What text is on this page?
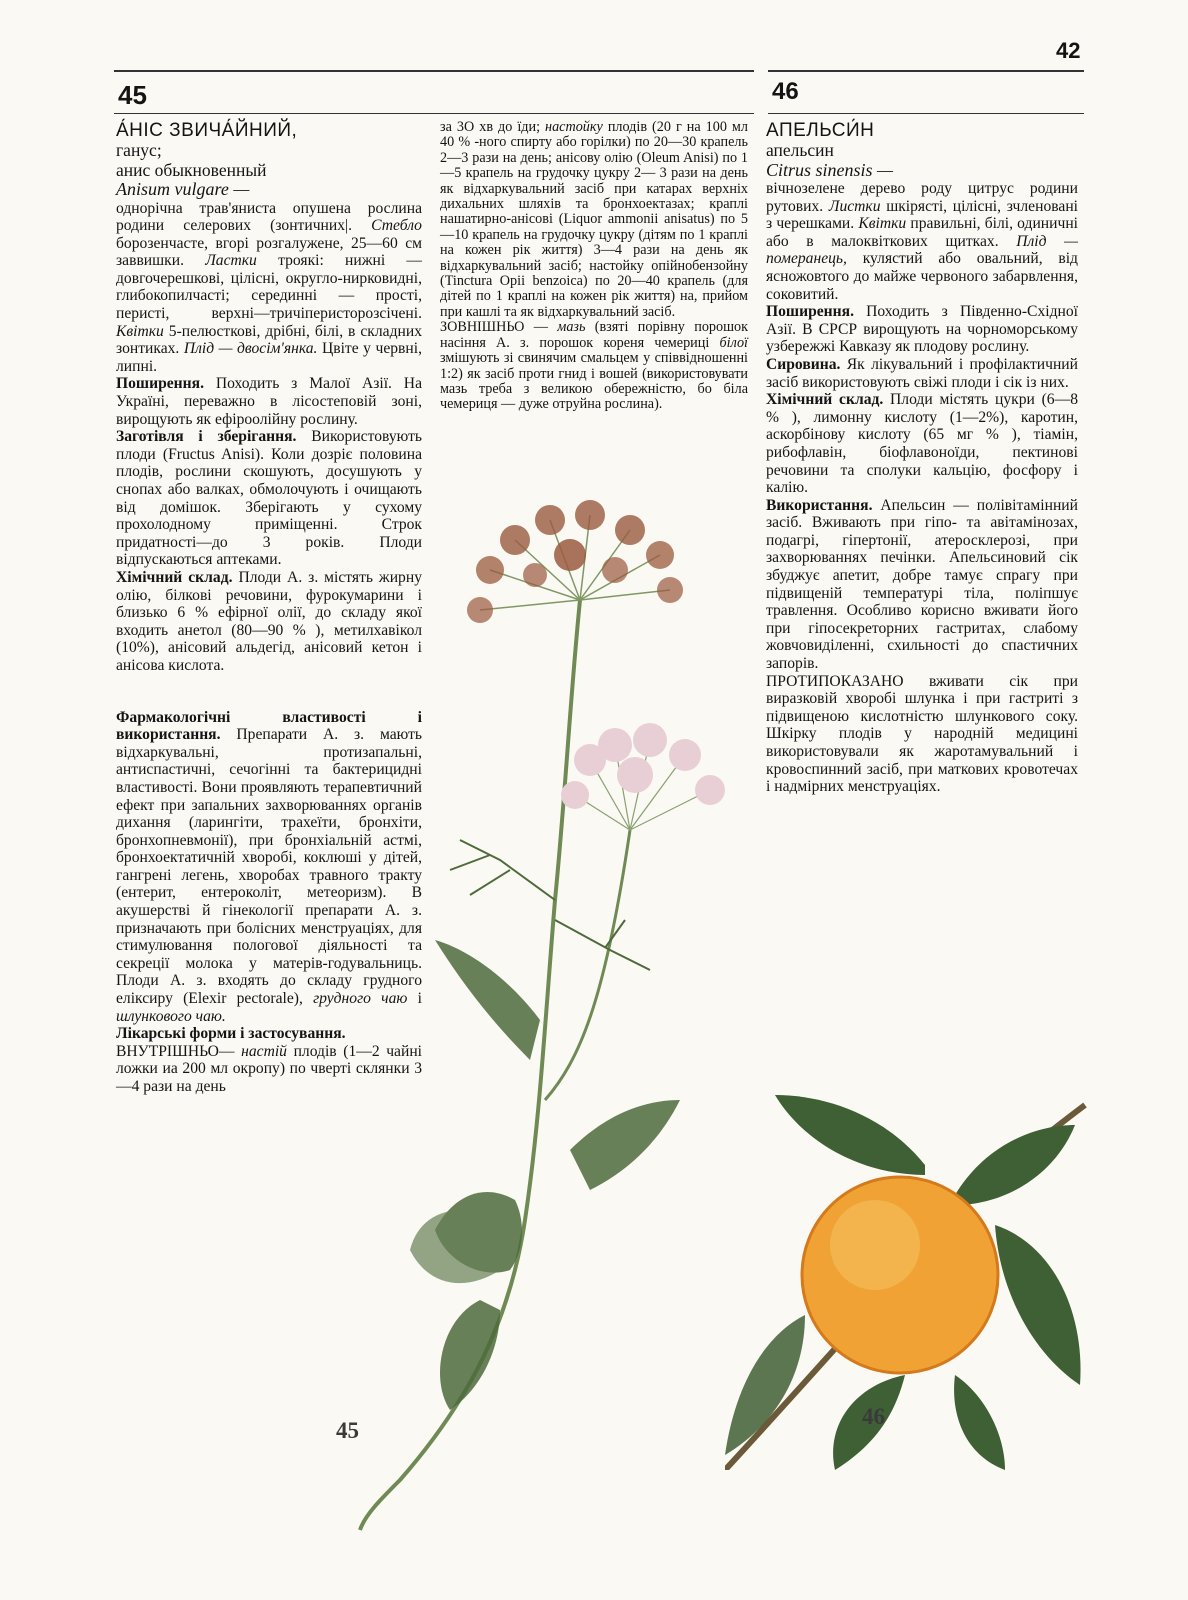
42
45	46

А́НІС ЗВИЧА́ЙНИЙ,

ганус;

анис обыкновенный

Anisum vulgare —

однорічна трав'яниста опушена рослина родини селерових (зонтичних|. Стебло борозенчасте, вгорі розгалужене, 25—60 см заввишки. Ластки троякі: нижні — довгочерешкові, цілісні, округло-нирковидні, глибокопилчасті; серединні — прості, перисті, верхні—тричіперисторозсічені. Квітки 5-пелюсткові, дрібні, білі, в складних зонтиках. Плід — двосім'янка. Цвіте у червні, липні.

Поширення. Походить з Малої Азії. На Україні, переважно в лісостеповій зоні, вирощують як ефіроолійну рослину.

Заготівля і зберігання. Використовують плоди (Fructus Anisi). Коли дозріє половина плодів, рослини скошують, досушують у снопах або валках, обмолочують і очищають від домішок. Зберігають у сухому прохолодному приміщенні. Строк придатності—до 3 років. Плоди відпускаються аптеками.

Хімічний склад. Плоди А. з. містять жирну олію, білкові речовини, фурокумарини і близько 6 % ефірної олії, до складу якої входить анетол (80—90 % ), метилхавікол (10%), анісовий альдегід, анісовий кетон і анісова кислота.

Фармакологічні властивості і використання. Препарати А. з. мають відхаркувальні, протизапальні, антиспастичні, сечогінні та бактерицидні властивості. Вони проявляють терапевтичний ефект при запальних захворюваннях органів дихання (ларингіти, трахеїти, бронхіти, бронхопневмонії), при бронхіальній астмі, бронхоектатичній хворобі, коклюші у дітей, гангрені легень, хворобах травного тракту (ентерит, ентероколіт, метеоризм). В акушерстві й гінекології препарати А. з. призначають при болісних менструаціях, для стимулювання пологової діяльності та секреції молока у матерів-годувальниць. Плоди А. з. входять до складу грудного еліксиру (Elexir pectorale), грудного чаю і шлункового чаю.

Лікарські форми і застосування.

ВНУТРІШНЬО— настій плодів (1—2 чайні ложки иа 200 мл окропу) по чверті склянки 3—4 рази на день

за 3О хв до їди; настойку плодів (20 г на 100 мл 40 % -ного спирту або горілки) по 20—30 крапель 2—3 рази на день; анісову олію (Oleum Anisi) по 1—5 крапель на грудочку цукру 2— 3 рази на день як відхаркувальний засіб при катарах верхніх дихальних шляхів та бронхоектазах; краплі нашатирно-анісові (Liquor ammonii anisatus) по 5—10 крапель на грудочку цукру (дітям по 1 краплі на кожен рік життя) 3—4 рази на день як відхаркувальний засіб; настойку опійнобензойну (Tinctura Opii benzoica) по 20—40 крапель (для дітей по 1 краплі на кожен рік життя) на, прийом при кашлі та як відхаркувальний засіб.

ЗОВНІШНЬО — мазь (взяті порівну порошок насіння А. з. порошок кореня чемериці білої змішують зі свинячим смальцем у співвідношенні 1:2) як засіб проти гнид і вошей (використовувати мазь треба з великою обережністю, бо біла чемериця — дуже отруйна рослина).

АПЕЛЬСИ́Н

апельсин

Citrus sinensis —

вічнозелене дерево роду цитрус родини рутових. Листки шкірясті, цілісні, зчленовані з черешками. Квітки правильні, білі, одиничні або в малоквіткових щитках. Плід — померанець, кулястий або овальний, від ясножовтого до майже червоного забарвлення, соковитий.

Поширення. Походить з Південно-Східної Азії. В СРСР вирощують на чорноморському узбережжі Кавказу як плодову рослину.

Сировина. Як лікувальний і профілактичний засіб використовують свіжі плоди і сік із них.

Хімічний склад. Плоди містять цукри (6—8 % ), лимонну кислоту (1—2%), каротин, аскорбінову кислоту (65 мг % ), тіамін, рибофлавін, біофлавоноїди, пектинові речовини та сполуки кальцію, фосфору і калію.

Використання. Апельсин — полівітамінний засіб. Вживають при гіпо- та авітамінозах, подагрі, гіпертонії, атеросклерозі, при захворюваннях печінки. Апельсиновий сік збуджує апетит, добре тамує спрагу при підвищеній температурі тіла, поліпшує травлення. Особливо корисно вживати його при гіпосекреторних гастритах, слабому жовчовиділенні, схильності до спастичних запорів.

ПРОТИПОКАЗАНО вживати сік при виразковій хворобі шлунка і при гастриті з підвищеною кислотністю шлункового соку. Шкірку плодів у народній медицині використовували як жаротамувальний і кровоспинний засіб, при маткових кровотечах і надмірних менструаціях.

45
46
